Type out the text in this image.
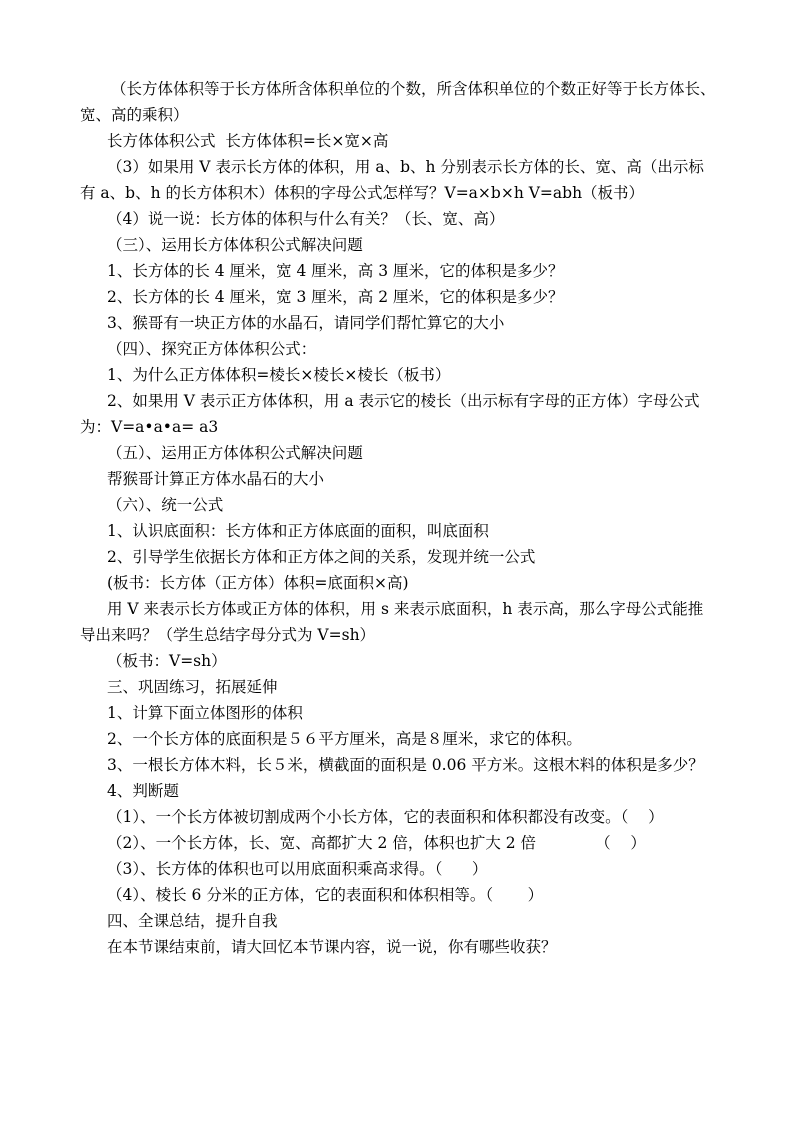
（长方体体积等于长方体所含体积单位的个数，所含体积单位的个数正好等于长方体长、
宽、高的乘积）
长方体体积公式  长方体体积=长×宽×高
（3）如果用 V 表示长方体的体积，用 a、b、h 分别表示长方体的长、宽、高（出示标
有 a、b、h 的长方体积木）体积的字母公式怎样写？V=a×b×h V=abh（板书）
（4）说一说：长方体的体积与什么有关？（长、宽、高）
（三）、运用长方体体积公式解决问题
1、长方体的长 4 厘米，宽 4 厘米，高 3 厘米，它的体积是多少？
2、长方体的长 4 厘米，宽 3 厘米，高 2 厘米，它的体积是多少？
3、猴哥有一块正方体的水晶石，请同学们帮忙算它的大小
（四）、探究正方体体积公式：
1、为什么正方体体积=棱长×棱长×棱长（板书）
2、如果用 V 表示正方体体积，用 a 表示它的棱长（出示标有字母的正方体）字母公式
为：V=a•a•a= a3
（五）、运用正方体体积公式解决问题
帮猴哥计算正方体水晶石的大小
（六）、统一公式
1、认识底面积：长方体和正方体底面的面积，叫底面积
2、引导学生依据长方体和正方体之间的关系，发现并统一公式
(板书：长方体（正方体）体积=底面积×高)
用 V 来表示长方体或正方体的体积，用 s 来表示底面积，h 表示高，那么字母公式能推
导出来吗？（学生总结字母分式为 V=sh）
（板书：V=sh）
三、巩固练习，拓展延伸
1、计算下面立体图形的体积
2、一个长方体的底面积是５６平方厘米，高是８厘米，求它的体积。
3、一根长方体木料，长５米，横截面的面积是 0.06 平方米。这根木料的体积是多少？
4、判断题
（1）、一个长方体被切割成两个小长方体，它的表面积和体积都没有改变。（    ）
（2）、一个长方体，长、宽、高都扩大 2 倍，体积也扩大 2 倍            （    ）
（3）、长方体的体积也可以用底面积乘高求得。（      ）
（4）、棱长 6 分米的正方体，它的表面积和体积相等。（       ）
四、全课总结，提升自我
在本节课结束前，请大回忆本节课内容，说一说，你有哪些收获？
